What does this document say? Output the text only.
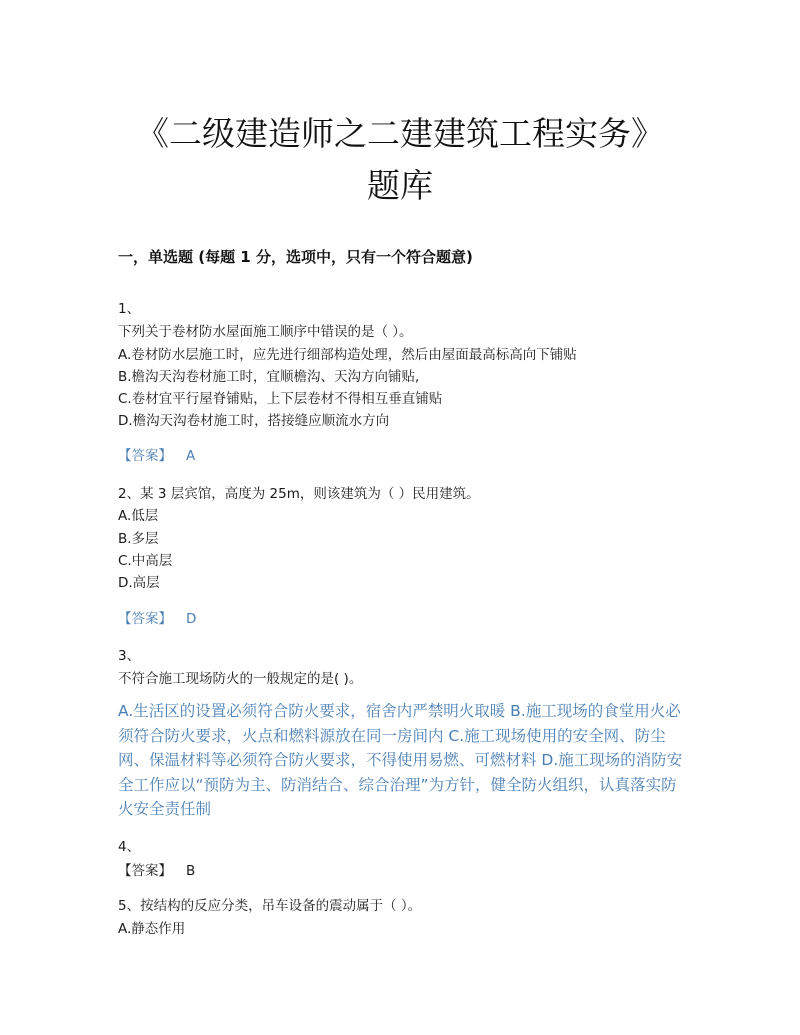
《二级建造师之二建建筑工程实务》
题库
一，单选题 (每题 1 分，选项中，只有一个符合题意)
1、
下列关于卷材防水屋面施工顺序中错误的是（ ）。
A.卷材防水层施工时，应先进行细部构造处理，然后由屋面最高标高向下铺贴
B.檐沟天沟卷材施工时，宜顺檐沟、天沟方向铺贴,
C.卷材宜平行屋脊铺贴，上下层卷材不得相互垂直铺贴
D.檐沟天沟卷材施工时，搭接缝应顺流水方向
【答案】 A
2、某 3 层宾馆，高度为 25m，则该建筑为（ ）民用建筑。
A.低层
B.多层
C.中高层
D.高层
【答案】 D
3、
不符合施工现场防火的一般规定的是( )。
A.生活区的设置必须符合防火要求，宿舍内严禁明火取暖 B.施工现场的食堂用火必须符合防火要求，火点和燃料源放在同一房间内 C.施工现场使用的安全网、防尘网、保温材料等必须符合防火要求，不得使用易燃、可燃材料 D.施工现场的消防安全工作应以“预防为主、防消结合、综合治理”为方针，健全防火组织，认真落实防火安全责任制
4、
【答案】 B
5、按结构的反应分类，吊车设备的震动属于（ ）。
A.静态作用
